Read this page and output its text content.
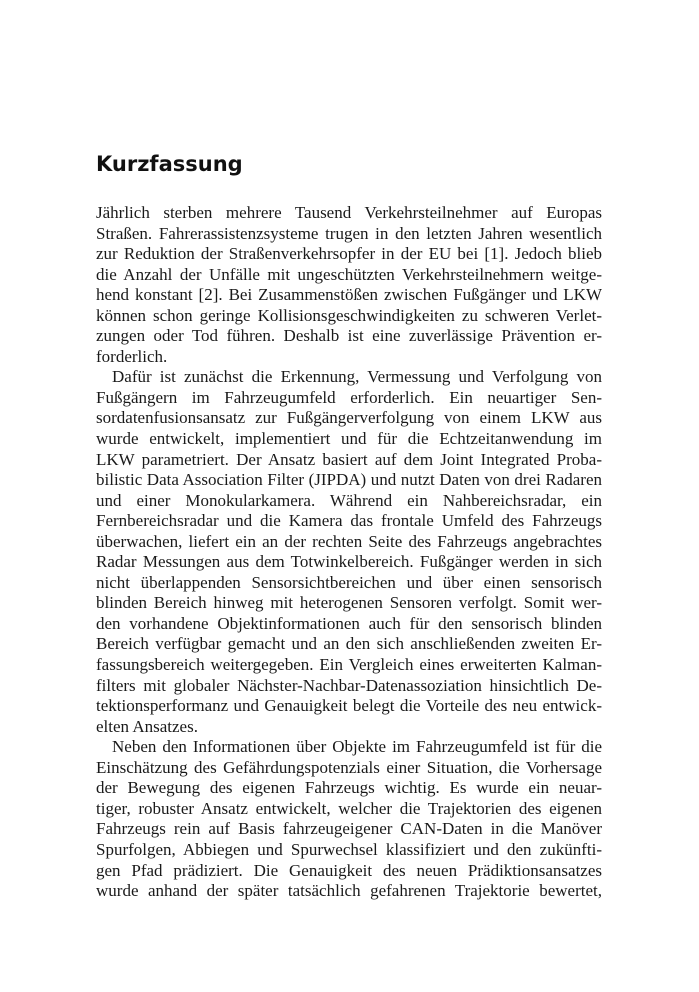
Kurzfassung
Jährlich sterben mehrere Tausend Verkehrsteilnehmer auf Europas
Straßen. Fahrerassistenzsysteme trugen in den letzten Jahren wesentlich
zur Reduktion der Straßenverkehrsopfer in der EU bei [1]. Jedoch blieb
die Anzahl der Unfälle mit ungeschützten Verkehrsteilnehmern weitge-
hend konstant [2]. Bei Zusammenstößen zwischen Fußgänger und LKW
können schon geringe Kollisionsgeschwindigkeiten zu schweren Verlet-
zungen oder Tod führen. Deshalb ist eine zuverlässige Prävention er-
forderlich.
Dafür ist zunächst die Erkennung, Vermessung und Verfolgung von
Fußgängern im Fahrzeugumfeld erforderlich. Ein neuartiger Sen-
sordatenfusionsansatz zur Fußgängerverfolgung von einem LKW aus
wurde entwickelt, implementiert und für die Echtzeitanwendung im
LKW parametriert. Der Ansatz basiert auf dem Joint Integrated Proba-
bilistic Data Association Filter (JIPDA) und nutzt Daten von drei Radaren
und einer Monokularkamera. Während ein Nahbereichsradar, ein
Fernbereichsradar und die Kamera das frontale Umfeld des Fahrzeugs
überwachen, liefert ein an der rechten Seite des Fahrzeugs angebrachtes
Radar Messungen aus dem Totwinkelbereich. Fußgänger werden in sich
nicht überlappenden Sensorsichtbereichen und über einen sensorisch
blinden Bereich hinweg mit heterogenen Sensoren verfolgt. Somit wer-
den vorhandene Objektinformationen auch für den sensorisch blinden
Bereich verfügbar gemacht und an den sich anschließenden zweiten Er-
fassungsbereich weitergegeben. Ein Vergleich eines erweiterten Kalman-
filters mit globaler Nächster-Nachbar-Datenassoziation hinsichtlich De-
tektionsperformanz und Genauigkeit belegt die Vorteile des neu entwick-
elten Ansatzes.
Neben den Informationen über Objekte im Fahrzeugumfeld ist für die
Einschätzung des Gefährdungspotenzials einer Situation, die Vorhersage
der Bewegung des eigenen Fahrzeugs wichtig. Es wurde ein neuar-
tiger, robuster Ansatz entwickelt, welcher die Trajektorien des eigenen
Fahrzeugs rein auf Basis fahrzeugeigener CAN-Daten in die Manöver
Spurfolgen, Abbiegen und Spurwechsel klassifiziert und den zukünfti-
gen Pfad prädiziert. Die Genauigkeit des neuen Prädiktionsansatzes
wurde anhand der später tatsächlich gefahrenen Trajektorie bewertet,
